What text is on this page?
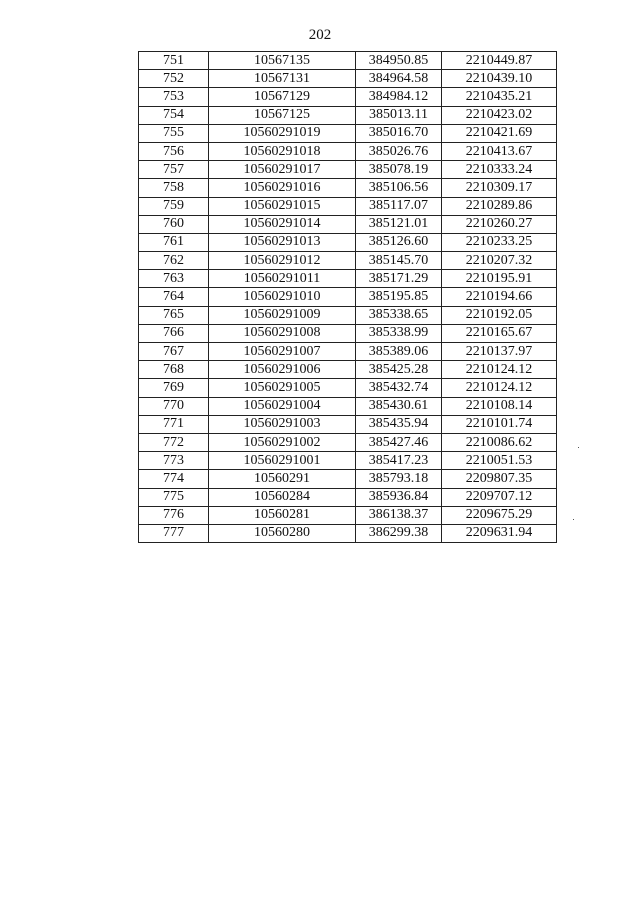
202
751	10567135	384950.85	2210449.87
752	10567131	384964.58	2210439.10
753	10567129	384984.12	2210435.21
754	10567125	385013.11	2210423.02
755	10560291019	385016.70	2210421.69
756	10560291018	385026.76	2210413.67
757	10560291017	385078.19	2210333.24
758	10560291016	385106.56	2210309.17
759	10560291015	385117.07	2210289.86
760	10560291014	385121.01	2210260.27
761	10560291013	385126.60	2210233.25
762	10560291012	385145.70	2210207.32
763	10560291011	385171.29	2210195.91
764	10560291010	385195.85	2210194.66
765	10560291009	385338.65	2210192.05
766	10560291008	385338.99	2210165.67
767	10560291007	385389.06	2210137.97
768	10560291006	385425.28	2210124.12
769	10560291005	385432.74	2210124.12
770	10560291004	385430.61	2210108.14
771	10560291003	385435.94	2210101.74
772	10560291002	385427.46	2210086.62
773	10560291001	385417.23	2210051.53
774	10560291	385793.18	2209807.35
775	10560284	385936.84	2209707.12
776	10560281	386138.37	2209675.29
777	10560280	386299.38	2209631.94
